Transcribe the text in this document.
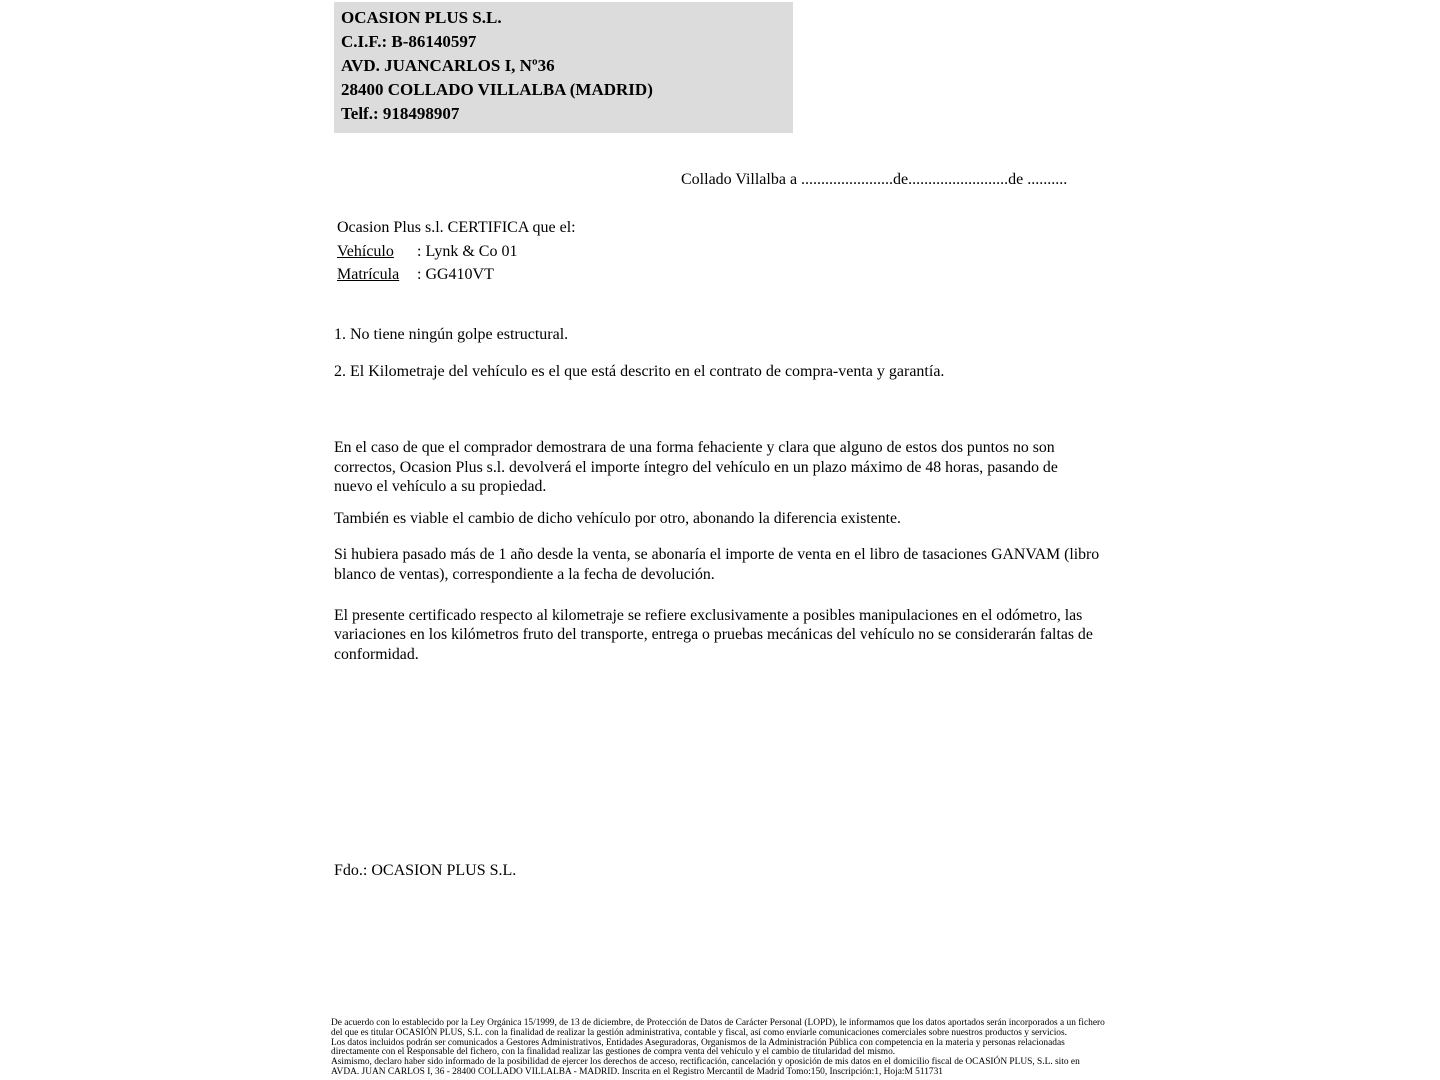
OCASION PLUS S.L.
C.I.F.: B-86140597
AVD. JUANCARLOS I, Nº36
28400 COLLADO VILLALBA (MADRID)
Telf.: 918498907
Collado Villalba a .......................de.........................de ..........
Ocasion Plus s.l. CERTIFICA que el:
Vehículo : Lynk & Co 01
Matrícula : GG410VT

1. No tiene ningún golpe estructural.

2. El Kilometraje del vehículo es el que está descrito en el contrato de compra-venta y garantía.

En el caso de que el comprador demostrara de una forma fehaciente y clara que alguno de estos dos puntos no son correctos, Ocasion Plus s.l. devolverá el importe íntegro del vehículo en un plazo máximo de 48 horas, pasando de nuevo el vehículo a su propiedad.

También es viable el cambio de dicho vehículo por otro, abonando la diferencia existente.

Si hubiera pasado más de 1 año desde la venta, se abonaría el importe de venta en el libro de tasaciones GANVAM (libro blanco de ventas), correspondiente a la fecha de devolución.

El presente certificado respecto al kilometraje se refiere exclusivamente a posibles manipulaciones en el odómetro, las variaciones en los kilómetros fruto del transporte, entrega o pruebas mecánicas del vehículo no se considerarán faltas de conformidad.

Fdo.: OCASION PLUS S.L.
De acuerdo con lo establecido por la Ley Orgánica 15/1999, de 13 de diciembre, de Protección de Datos de Carácter Personal (LOPD), le informamos que los datos aportados serán incorporados a un fichero del que es titular OCASIÓN PLUS, S.L. con la finalidad de realizar la gestión administrativa, contable y fiscal, así como enviarle comunicaciones comerciales sobre nuestros productos y servicios.
Los datos incluidos podrán ser comunicados a Gestores Administrativos, Entidades Aseguradoras, Organismos de la Administración Pública con competencia en la materia y personas relacionadas directamente con el Responsable del fichero, con la finalidad realizar las gestiones de compra venta del vehículo y el cambio de titularidad del mismo.
Asimismo, declaro haber sido informado de la posibilidad de ejercer los derechos de acceso, rectificación, cancelación y oposición de mis datos en el domicilio fiscal de OCASIÓN PLUS, S.L. sito en AVDA. JUAN CARLOS I, 36 - 28400 COLLADO VILLALBA - MADRID. Inscrita en el Registro Mercantil de Madrid Tomo:150, Inscripción:1, Hoja:M 511731
